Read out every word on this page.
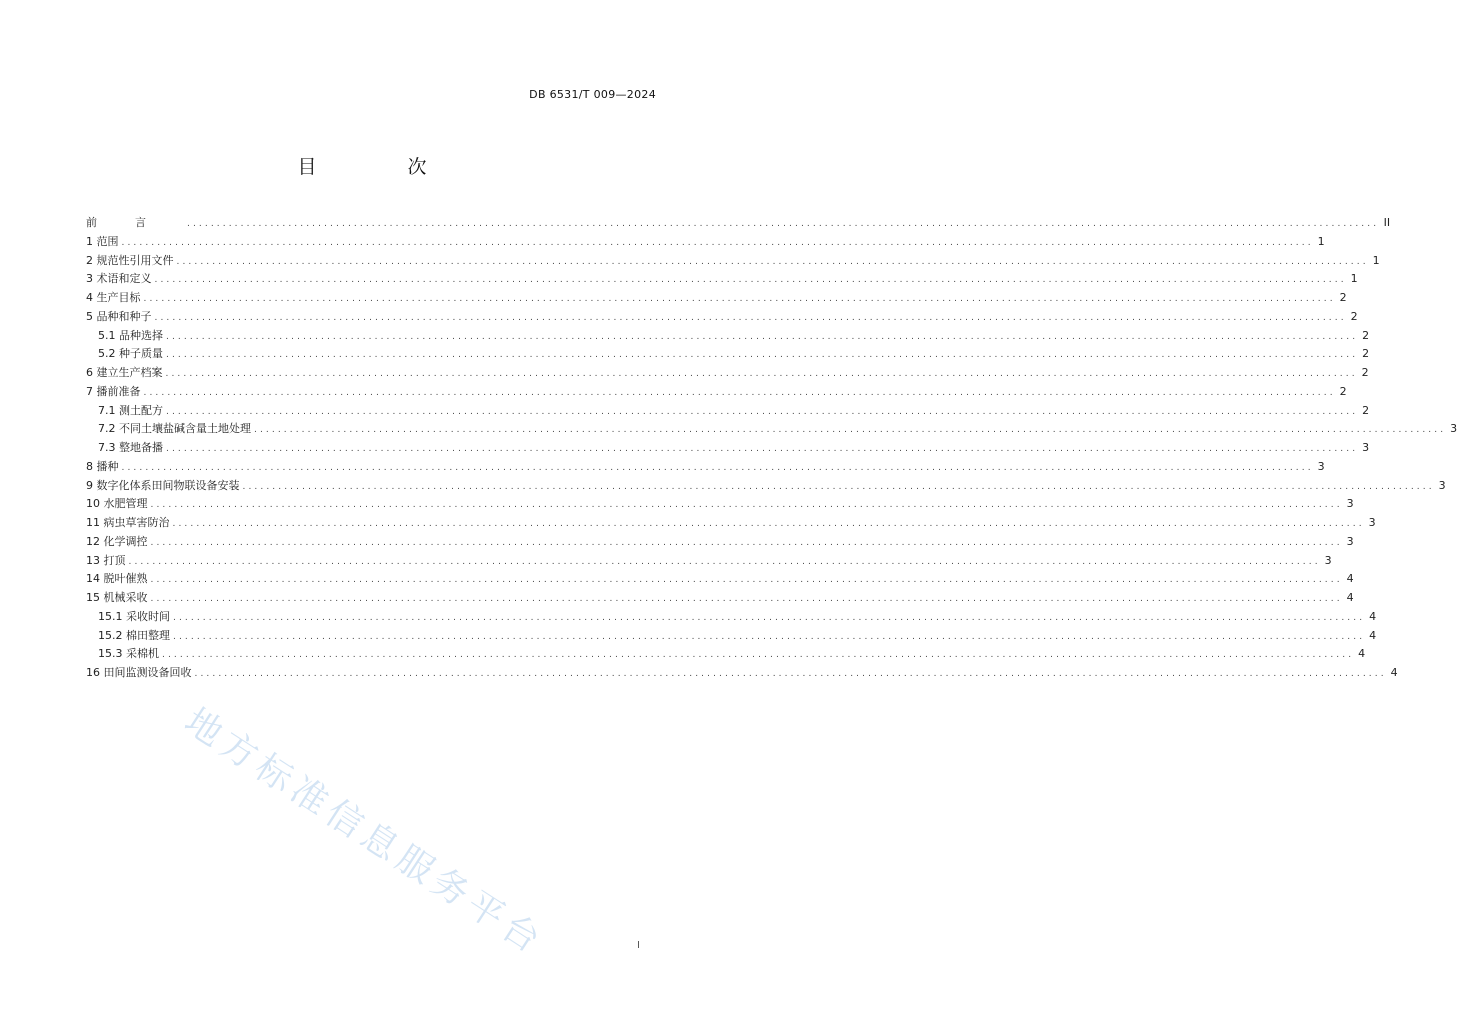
DB 6531/T 009—2024
目　次
前言 ........................................................................................................................................................................................................ II
1 范围 ........................................................................................................................................................................................................ 1
2 规范性引用文件 ........................................................................................................................................................................................................ 1
3 术语和定义 ........................................................................................................................................................................................................ 1
4 生产目标 ........................................................................................................................................................................................................ 2
5 品种和种子 ........................................................................................................................................................................................................ 2
5.1 品种选择 ........................................................................................................................................................................................................ 2
5.2 种子质量 ........................................................................................................................................................................................................ 2
6 建立生产档案 ........................................................................................................................................................................................................ 2
7 播前准备 ........................................................................................................................................................................................................ 2
7.1 测土配方 ........................................................................................................................................................................................................ 2
7.2 不同土壤盐碱含量土地处理 ........................................................................................................................................................................................................ 3
7.3 整地备播 ........................................................................................................................................................................................................ 3
8 播种 ........................................................................................................................................................................................................ 3
9 数字化体系田间物联设备安装 ........................................................................................................................................................................................................ 3
10 水肥管理 ........................................................................................................................................................................................................ 3
11 病虫草害防治 ........................................................................................................................................................................................................ 3
12 化学调控 ........................................................................................................................................................................................................ 3
13 打顶 ........................................................................................................................................................................................................ 3
14 脱叶催熟 ........................................................................................................................................................................................................ 4
15 机械采收 ........................................................................................................................................................................................................ 4
15.1 采收时间 ........................................................................................................................................................................................................ 4
15.2 棉田整理 ........................................................................................................................................................................................................ 4
15.3 采棉机 ........................................................................................................................................................................................................ 4
16 田间监测设备回收 ........................................................................................................................................................................................................ 4
地方标准信息服务平台	I
